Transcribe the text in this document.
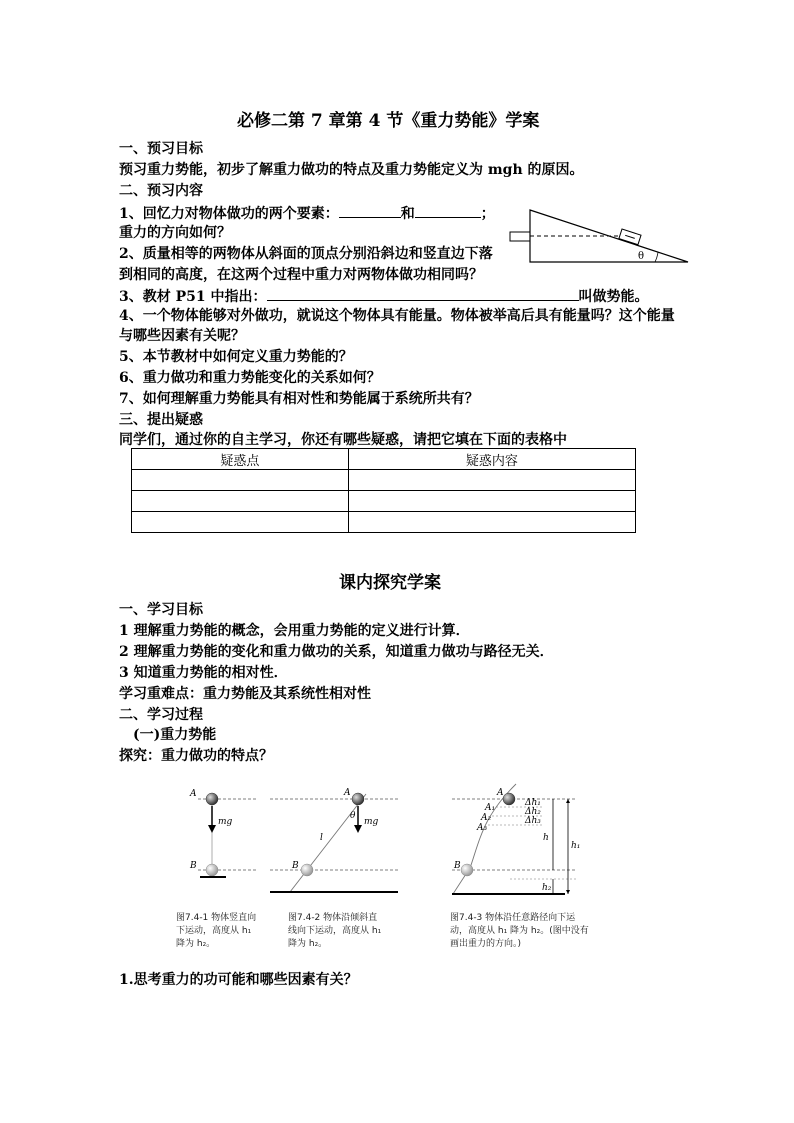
必修二第 7 章第 4 节《重力势能》学案
一、预习目标
预习重力势能，初步了解重力做功的特点及重力势能定义为 mgh 的原因。
二、预习内容
1、回忆力对物体做功的两个要素：	和	；
重力的方向如何？
2、质量相等的两物体从斜面的顶点分别沿斜边和竖直边下落
到相同的高度，在这两个过程中重力对两物体做功相同吗？
θ
3、教材 P51 中指出：	叫做势能。
4、一个物体能够对外做功，就说这个物体具有能量。物体被举高后具有能量吗？这个能量
与哪些因素有关呢？
5、本节教材中如何定义重力势能的？
6、重力做功和重力势能变化的关系如何？
7、如何理解重力势能具有相对性和势能属于系统所共有？
三、提出疑惑
同学们，通过你的自主学习，你还有哪些疑惑，请把它填在下面的表格中
疑惑点	疑惑内容

课内探究学案
一、学习目标
1 理解重力势能的概念，会用重力势能的定义进行计算．
2 理解重力势能的变化和重力做功的关系，知道重力做功与路径无关．
3 知道重力势能的相对性．
学习重难点：重力势能及其系统性相对性
二、学习过程
(一)重力势能
探究：重力做功的特点？
A
B
mg
A
B
mg
θ
l
A
B
A₁
A₂
A₃
Δh₁
Δh₂
Δh₃
h
h₁
h₂
图7.4-1 物体竖直向下运动，高度从 h₁ 降为 h₂。
图7.4-2 物体沿倾斜直线向下运动，高度从 h₁ 降为 h₂。
图7.4-3 物体沿任意路径向下运动，高度从 h₁ 降为 h₂。(图中没有画出重力的方向。)
1.思考重力的功可能和哪些因素有关？
